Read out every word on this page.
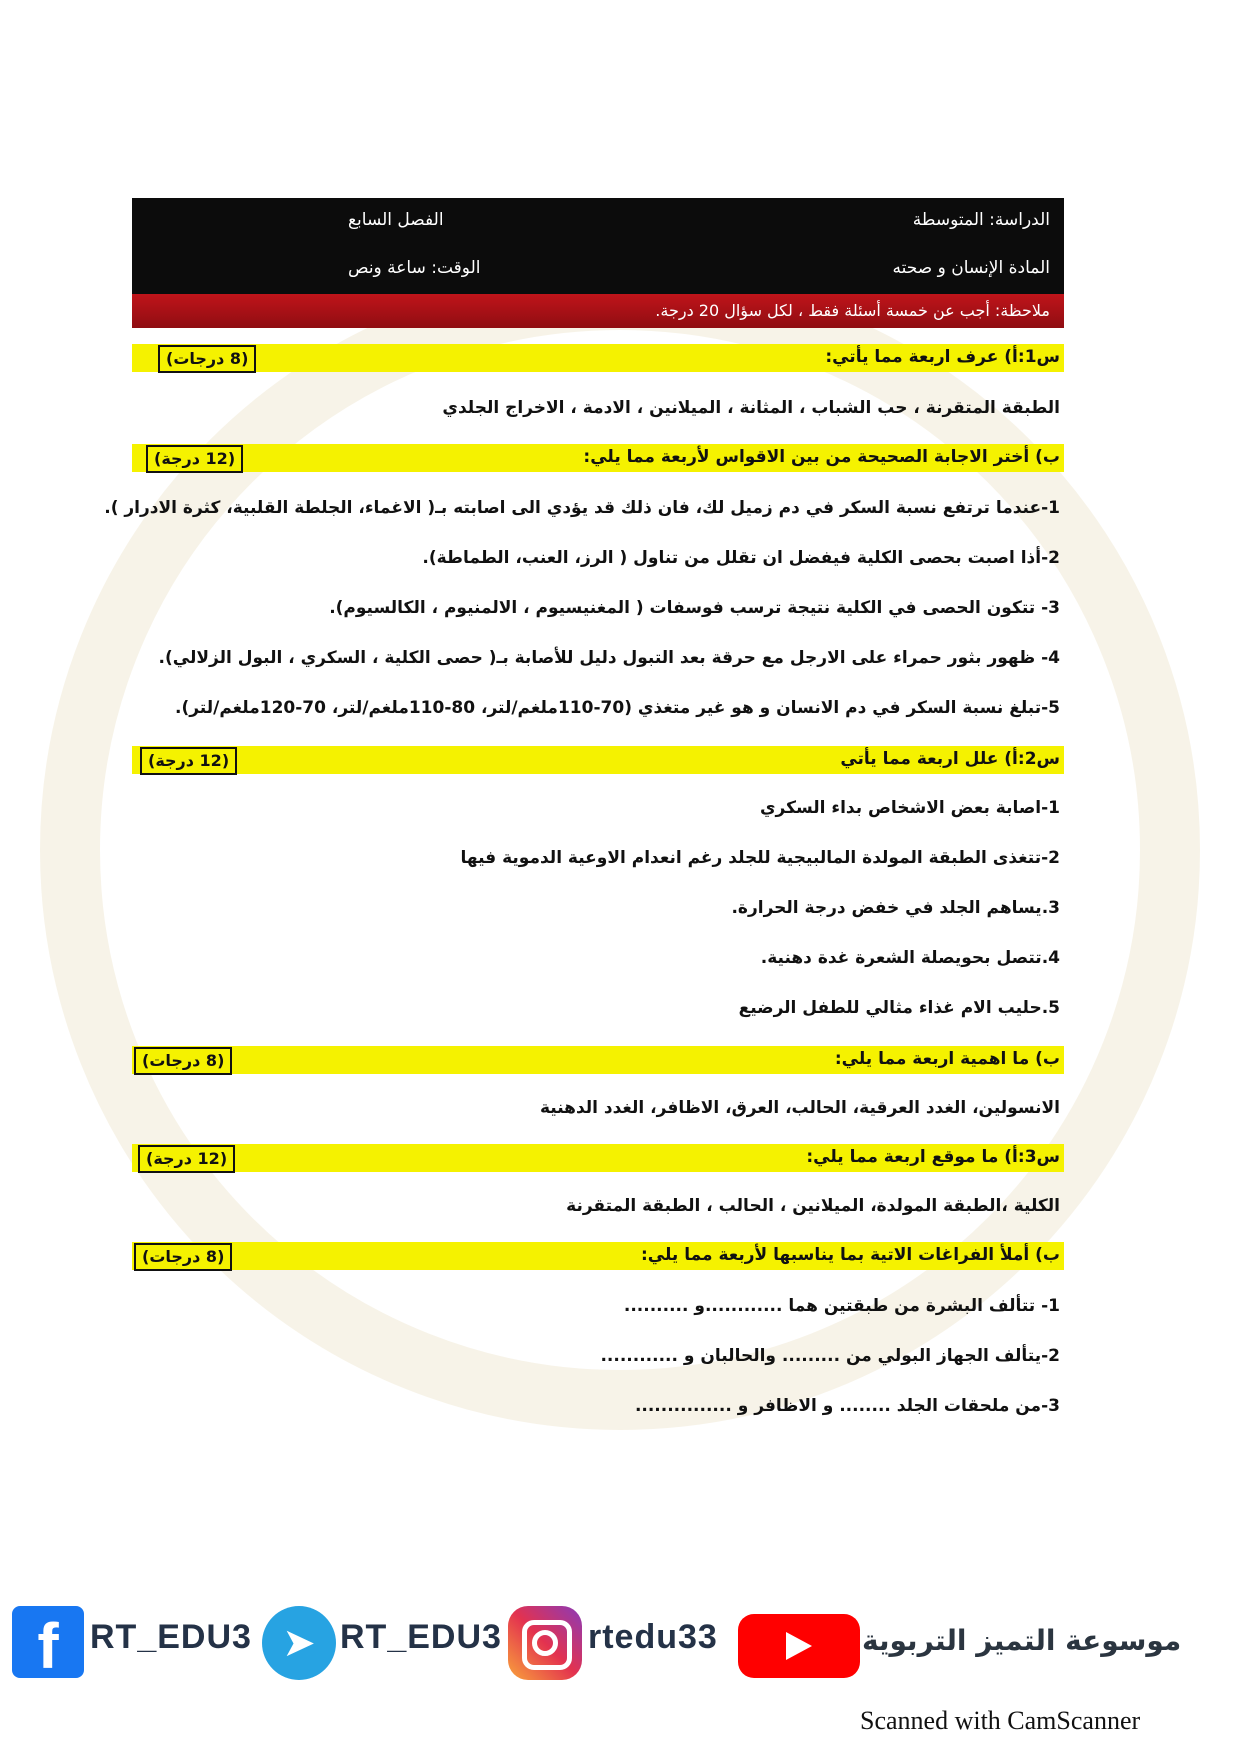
الدراسة: المتوسطة
الفصل السابع
المادة الإنسان و صحته
الوقت: ساعة ونص
ملاحظة: أجب عن خمسة أسئلة فقط ، لكل سؤال 20 درجة.
س1:أ) عرف اربعة مما يأتي:
(8 درجات)
الطبقة المتقرنة ، حب الشباب ، المثانة ، الميلانين ، الادمة ، الاخراج الجلدي
ب) أختر الاجابة الصحيحة من بين الاقواس لأربعة مما يلي:
(12 درجة)
1-عندما ترتفع نسبة السكر في دم زميل لك، فان ذلك قد يؤدي الى اصابته بـ( الاغماء، الجلطة القلبية، كثرة الادرار ).
2-أذا اصبت بحصى الكلية فيفضل ان تقلل من تناول ( الرز، العنب، الطماطة).
3- تتكون الحصى في الكلية نتيجة ترسب فوسفات ( المغنيسيوم ، الالمنيوم ، الكالسيوم).
4- ظهور بثور حمراء على الارجل مع حرقة بعد التبول دليل للأصابة بـ( حصى الكلية ، السكري ، البول الزلالي).
5-تبلغ نسبة السكر في دم الانسان و هو غير متغذي (70-110ملغم/لتر، 80-110ملغم/لتر، 70-120ملغم/لتر).
س2:أ) علل اربعة مما يأتي
(12 درجة)
1-اصابة بعض الاشخاص بداء السكري
2-تتغذى الطبقة المولدة المالبيجية للجلد رغم انعدام الاوعية الدموية فيها
3.يساهم الجلد في خفض درجة الحرارة.
4.تتصل بحويصلة الشعرة غدة دهنية.
5.حليب الام غذاء مثالي للطفل الرضيع
ب) ما اهمية اربعة مما يلي:
(8 درجات)
الانسولين، الغدد العرقية، الحالب، العرق، الاظافر، الغدد الدهنية
س3:أ) ما موقع اربعة مما يلي:
(12 درجة)
الكلية ،الطبقة المولدة، الميلانين ، الحالب ، الطبقة المتقرنة
ب) أملأ الفراغات الاتية بما يناسبها لأربعة مما يلي:
(8 درجات)
1- تتألف البشرة من طبقتين هما ............و ..........
2-يتألف الجهاز البولي من ......... والحالبان و ............
3-من ملحقات الجلد ........ و الاظافر و ...............
f RT_EDU3 ➤ RT_EDU3	rtedu33	موسوعة التميز التربوية
Scanned with CamScanner
